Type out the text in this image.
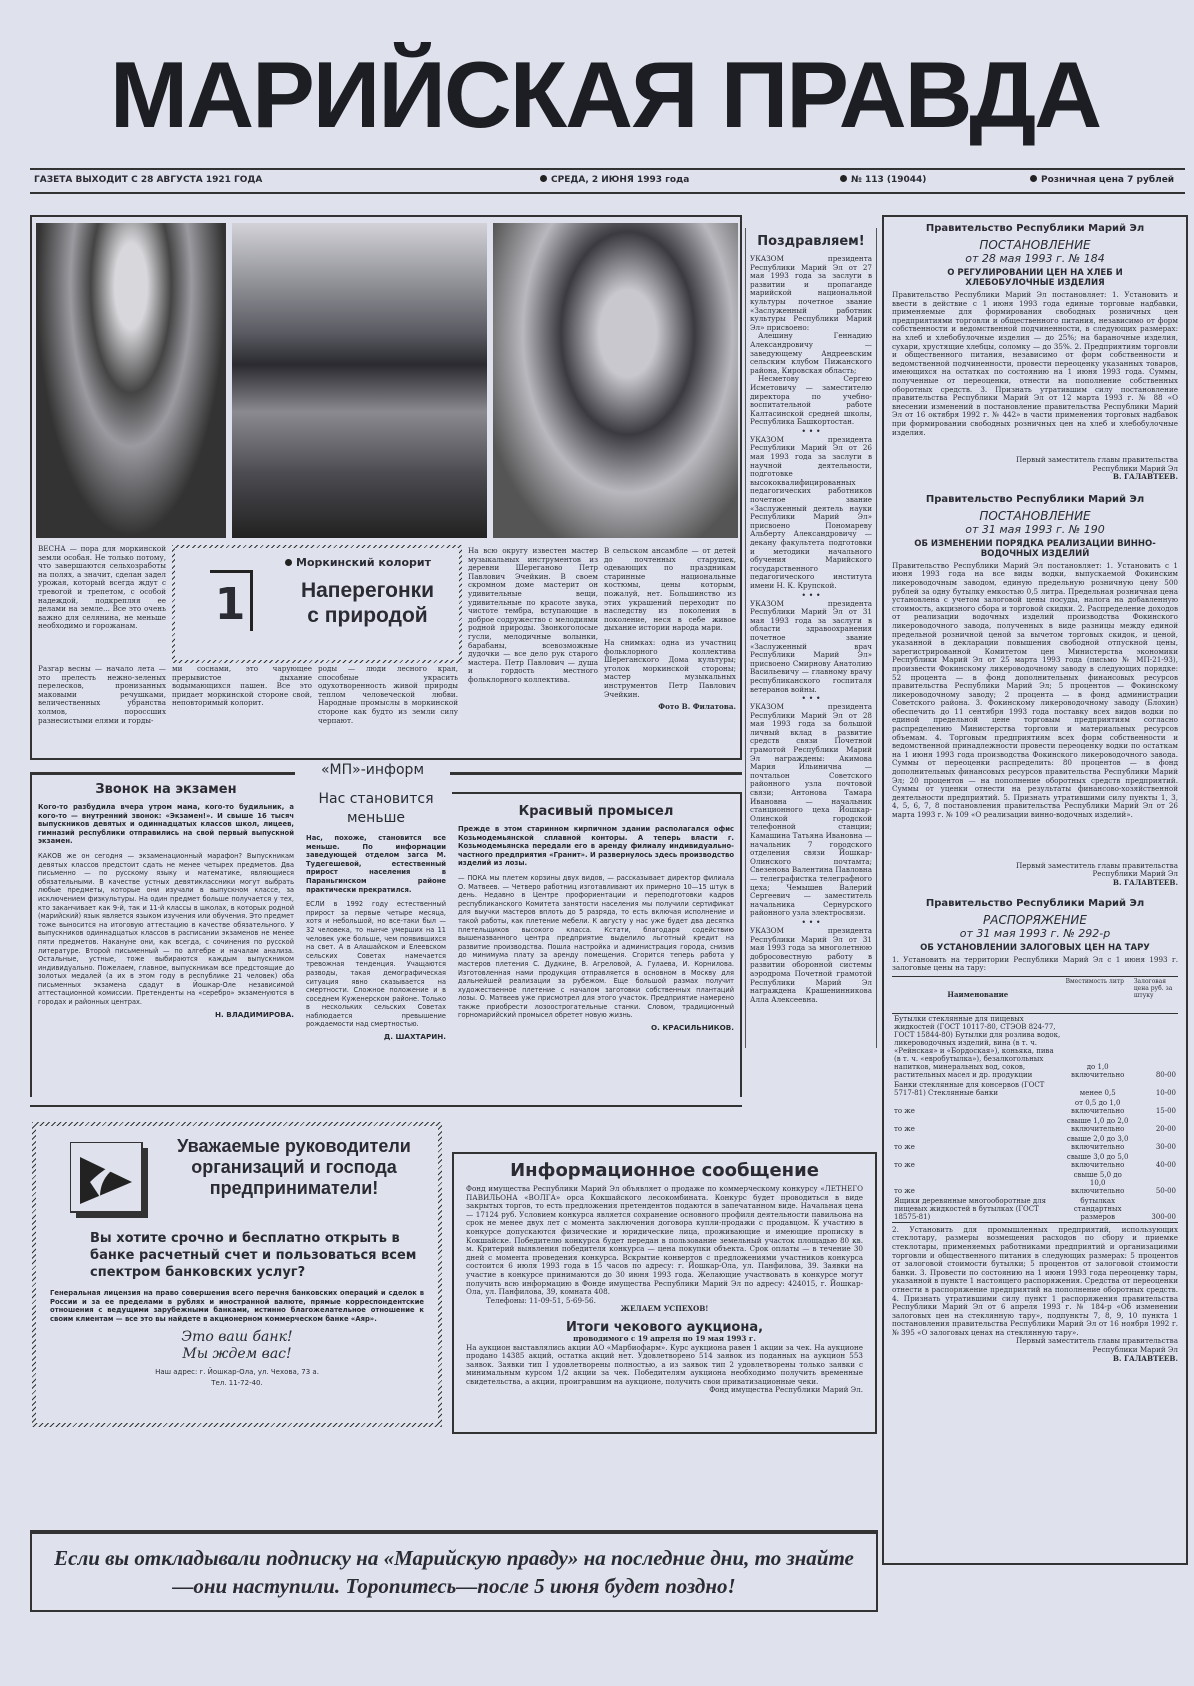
МАРИЙСКАЯ ПРАВДА
ГАЗЕТА ВЫХОДИТ С 28 АВГУСТА 1921 ГОДА	СРЕДА, 2 ИЮНЯ 1993 года	№ 113 (19044)	Розничная цена 7 рублей
ВЕСНА — пора для моркинской земли особая. Не только потому, что завершаются сельхозработы на полях, а значит, сделан задел урожая, который всегда ждут с тревогой и трепетом, с особой надеждой, подкрепляя ее делами на земле... Все это очень важно для селянина, не меньше необходимо и горожанам.	1
Моркинский колорит
Наперегонки
с природой
Разгар весны — начало лета — это прелесть нежно-зеленых перелесков, пронизанных маковыми речушками, величественных убранства холмов, пороссших разнесистыми елями и горды-
ми соснами, это чарующее прерывистое дыхание водымающихся пашен. Все это придает моркинской стороне свой, неповторимый колорит.
роды — люди лесного края, способные украсить одухотворенность живой природы теплом человеческой любви. Народные промыслы в моркинской стороне как будто из земли силу черпают.
На всю округу известен мастер музыкальных инструментов из деревни Шереганово Петр Павлович Эчейкин. В своем скромном доме мастерит он удивительные вещи, удивительные по красоте звука, чистоте тембра, вступающие в доброе содружество с мелодиями родной природы. Звонкоголосые гусли, мелодичные волынки, барабаны, всевозможные дудочки — все дело рук старого мастера. Петр Павлович — душа и гордость местного фольклорного коллектива.
В сельском ансамбле — от детей до почтенных старушек, одевающих по праздникам старинные национальные костюмы, цены которым, пожалуй, нет. Большинство из этих украшений переходит по наследству из поколения в поколение, неся в себе живое дыхание истории народа мари.
На снимках: одна из участниц фольклорного коллектива Шереганского Дома культуры; уголок моркинской стороны; мастер музыкальных инструментов Петр Павлович Эчейкин.
Фото В. Филатова.
Поздравляем!
УКАЗОМ президента Республики Марий Эл от 27 мая 1993 года за заслуги в развитии и пропаганде марийской национальной культуры почетное звание «Заслуженный работник культуры Республики Марий Эл» присвоено:
Алешину Геннадию Александровичу — заведующему Андреевским сельским клубом Пижанского района, Кировская область;
Несметову Сергею Исметовичу — заместителю директора по учебно-воспитательной работе Калтасинской средней школы, Республика Башкортостан.
• • •
УКАЗОМ президента Республики Марий Эл от 26 мая 1993 года за заслуги в научной деятельности, подготовке высококвалифицированных педагогических работников почетное звание «Заслуженный деятель науки Республики Марий Эл» присвоено Пономареву Альберту Александровичу — декану факультета подготовки и методики начального обучения Марийского государственного педагогического института имени Н. К. Крупской.
• • •
УКАЗОМ президента Республики Марий Эл от 31 мая 1993 года за заслуги в области здравоохранения почетное звание «Заслуженный врач Республики Марий Эл» присвоено Смирнову Анатолию Васильевичу — главному врачу республиканского госпиталя ветеранов войны.
• • •
УКАЗОМ президента Республики Марий Эл от 28 мая 1993 года за большой личный вклад в развитие средств связи Почетной грамотой Республики Марий Эл награждены: Акимова Мария Ильинична — почтальон Советского районного узла почтовой связи; Антонова Тамара Ивановна — начальник станционного цеха Йошкар-Олинской городской телефонной станции; Камашина Татьяна Ивановна — начальник 7 городского отделения связи Йошкар-Олинского почтамта; Свезенова Валентина Павловна — телеграфистка телеграфного цеха; Чемышев Валерий Сергеевич — заместитель начальника Сернурского районного узла электросвязи.
• • •
УКАЗОМ президента Республики Марий Эл от 31 мая 1993 года за многолетнюю добросовестную работу в развитии оборонной системы аэродрома Почетной грамотой Республики Марий Эл награждена Крашенинникова Алла Алексеевна.
Правительство Республики Марий Эл
ПОСТАНОВЛЕНИЕ
от 28 мая 1993 г. № 184
О РЕГУЛИРОВАНИИ ЦЕН НА ХЛЕБ И ХЛЕБОБУЛОЧНЫЕ ИЗДЕЛИЯ
Правительство Республики Марий Эл постановляет: 1. Установить и ввести в действие с 1 июня 1993 года единые торговые надбавки, применяемые для формирования свободных розничных цен предприятиями торговли и общественного питания, независимо от форм собственности и ведомственной подчиненности, в следующих размерах: на хлеб и хлебобулочные изделия — до 25%; на бараночные изделия, сухари, хрустящие хлебцы, соломку — до 35%. 2. Предприятиям торговли и общественного питания, независимо от форм собственности и ведомственной подчиненности, провести переоценку указанных товаров, имеющихся на остатках по состоянию на 1 июня 1993 года. Суммы, полученные от переоценки, отнести на пополнение собственных оборотных средств. 3. Признать утратившим силу постановление правительства Республики Марий Эл от 12 марта 1993 г. № 88 «О внесении изменений в постановление правительства Республики Марий Эл от 16 октября 1992 г. № 442» в части применения торговых надбавок при формировании свободных розничных цен на хлеб и хлебобулочные изделия.
Первый заместитель главы правительства Республики Марий Эл
В. ГАЛАВТЕЕВ.
Правительство Республики Марий Эл
ПОСТАНОВЛЕНИЕ
от 31 мая 1993 г. № 190
ОБ ИЗМЕНЕНИИ ПОРЯДКА РЕАЛИЗАЦИИ ВИННО-ВОДОЧНЫХ ИЗДЕЛИЙ
Правительство Республики Марий Эл постановляет: 1. Установить с 1 июня 1993 года на все виды водки, выпускаемой Фокинским ликероводочным заводом, единую предельную розничную цену 500 рублей за одну бутылку емкостью 0,5 литра. Предельная розничная цена установлена с учетом залоговой цены посуды, налога на добавленную стоимость, акцизного сбора и торговой скидки. 2. Распределение доходов от реализации водочных изделий производства Фокинского ликероводочного завода, полученных в виде разницы между единой предельной розничной ценой за вычетом торговых скидок, и ценой, указанной в декларации повышения свободной отпускной цены, зарегистрированной Комитетом цен Министерства экономики Республики Марий Эл от 25 марта 1993 года (письмо № МП-21-93), произвести Фокинскому ликероводочному заводу в следующих порядке: 52 процента — в фонд дополнительных финансовых ресурсов правительства Республики Марий Эл; 5 процентов — Фокинскому ликероводочному заводу; 2 процента — в фонд администрации Советского района. 3. Фокинскому ликероводочному заводу (Блохин) обеспечить до 11 сентября 1993 года поставку всех видов водки по единой предельной цене торговым предприятиям согласно распределению Министерства торговли и материальных ресурсов объемам. 4. Торговым предприятиям всех форм собственности и ведомственной принадлежности провести переоценку водки по остаткам на 1 июня 1993 года производства Фокинского ликероводочного завода. Суммы от переоценки распределить: 80 процентов — в фонд дополнительных финансовых ресурсов правительства Республики Марий Эл; 20 процентов — на пополнение оборотных средств предприятий. Суммы от уценки отнести на результаты финансово-хозяйственной деятельности предприятий. 5. Признать утратившими силу пункты 1, 3, 4, 5, 6, 7, 8 постановления правительства Республики Марий Эл от 26 марта 1993 г. № 109 «О реализации винно-водочных изделий».
Первый заместитель главы правительства Республики Марий Эл
В. ГАЛАВТЕЕВ.
Правительство Республики Марий Эл
РАСПОРЯЖЕНИЕ
от 31 мая 1993 г. № 292-р
ОБ УСТАНОВЛЕНИИ ЗАЛОГОВЫХ ЦЕН НА ТАРУ
1. Установить на территории Республики Марий Эл с 1 июня 1993 г. залоговые цены на тару:
Наименование	Вместимость литр	Залоговая цена руб. за штуку
Бутылки стеклянные для пищевых жидкостей (ГОСТ 10117-80, СТЭОВ 824-77, ГОСТ 15844-80) Бутылки для розлива водок, ликероводочных изделий, вина (в т. ч. «Рейнская» и «Бордоская»), коньяка, пива (в т. ч. «евробутылка»), безалкогольных напитков, минеральных вод, соков, растительных масел и др. продукции	до 1,0 включительно	80-00
Банки стеклянные для консервов (ГОСТ 5717-81) Стеклянные банки	менее 0,5	10-00
то же	от 0,5 до 1,0 включительно	15-00
то же	свыше 1,0 до 2,0 включительно	20-00
то же	свыше 2,0 до 3,0 включительно	30-00
то же	свыше 3,0 до 5,0 включительно	40-00
то же	свыше 5,0 до 10,0 включительно	50-00
Ящики деревянные многооборотные для пищевых жидкостей в бутылках (ГОСТ 18575-81)	бутылках стандартных размеров	300-00
2. Установить для промышленных предприятий, использующих стеклотару, размеры возмещения расходов по сбору и приемке стеклотары, применяемых работниками предприятий и организациями торговли и общественного питания в следующих размерах: 5 процентов от залоговой стоимости бутылки; 5 процентов от залоговой стоимости банки. 3. Провести по состоянию на 1 июня 1993 года переоценку тары, указанной в пункте 1 настоящего распоряжения. Средства от переоценки отнести в распоряжение предприятий на пополнение оборотных средств. 4. Признать утратившими силу пункт 1 распоряжения правительства Республики Марий Эл от 6 апреля 1993 г. № 184-р «Об изменении залоговых цен на стеклянную тару», подпункты 7, 8, 9, 10 пункта 1 постановления правительства Республики Марий Эл от 16 ноября 1992 г. № 395 «О залоговых ценах на стеклянную тару».
Первый заместитель главы правительства Республики Марий Эл
В. ГАЛАВТЕЕВ.
«МП»-информ
Звонок на экзамен
Кого-то разбудила вчера утром мама, кого-то будильник, а кого-то — внутренний звонок: «Экзамен!». И свыше 16 тысяч выпускников девятых и одиннадцатых классов школ, лицеев, гимназий республики отправились на свой первый выпускной экзамен.
КАКОВ же он сегодня — экзаменационный марафон? Выпускникам девятых классов предстоит сдать не менее четырех предметов. Два письменно — по русскому языку и математике, являющиеся обязательными. В качестве устных девятиклассники могут выбрать любые предметы, которые они изучали в выпускном классе, за исключением физкультуры. На один предмет больше получается у тех, кто заканчивает как 9-й, так и 11-й классы в школах, в которых родной (марийский) язык является языком изучения или обучения. Это предмет тоже выносится на итоговую аттестацию в качестве обязательного. У выпускников одиннадцатых классов в расписании экзаменов не менее пяти предметов. Накануне они, как всегда, с сочинения по русской литературе. Второй письменный — по алгебре и началам анализа. Остальные, устные, тоже выбираются каждым выпускником индивидуально. Пожелаем, главное, выпускникам все предстоящие до золотых медалей (а их в этом году в республике 21 человек) оба письменных экзамена сдадут в Йошкар-Оле независимой аттестационной комиссии. Претенденты на «серебро» экзаменуются в городах и районных центрах.
Н. ВЛАДИМИРОВА.
Нас становится меньше
Нас, похоже, становится все меньше. По информации заведующей отделом загса М. Тудегешевой, естественный прирост населения в Параньгинском районе практически прекратился.
ЕСЛИ в 1992 году естественный прирост за первые четыре месяца, хотя и небольшой, но все-таки был — 32 человека, то нынче умерших на 11 человек уже больше, чем появившихся на свет. А в Алашайском и Елеевском сельских Советах намечается тревожная тенденция. Учащаются разводы, такая демографическая ситуация явно сказывается на смертности. Сложное положение и в соседнем Куженерском районе. Только в нескольких сельских Советах наблюдается превышение рождаемости над смертностью.
Д. ШАХТАРИН.
Красивый промысел
Прежде в этом старинном кирпичном здании располагался офис Козьмодемьянской сплавной конторы. А теперь власти г. Козьмодемьянска передали его в аренду филиалу индивидуально-частного предприятия «Гранит». И развернулось здесь производство изделий из лозы.
— ПОКА мы плетем корзины двух видов, — рассказывает директор филиала О. Матвеев. — Четверо работниц изготавливают их примерно 10—15 штук в день. Недавно в Центре профориентации и переподготовки кадров республиканского Комитета занятости населения мы получили сертификат для выучки мастеров вплоть до 5 разряда, то есть включая исполнение и такой работы, как плетение мебели. К августу у нас уже будет два десятка плетельщиков высокого класса. Кстати, благодаря содействию вышеназванного центра предприятие выделило льготный кредит на развитие производства. Пошла настройка и администрация города, снизив до минимума плату за аренду помещения. Сгорится теперь работа у мастеров плетения С. Дудкине, В. Агреловой, А. Гулаева, И. Корнилова. Изготовленная нами продукция отправляется в основном в Москву для дальнейшей реализации за рубежом. Еще большой размах получит художественное плетение с началом заготовки собственных плантаций лозы. О. Матвеев уже присмотрел для этого участок. Предприятие намерено также приобрести лозоострогательные станки. Словом, традиционный горномарийский промысел обретет новую жизнь.
О. КРАСИЛЬНИКОВ.
Уважаемые руководители организаций и господа предприниматели!
Вы хотите срочно и бесплатно открыть в банке расчетный счет и пользоваться всем спектром банковских услуг?
Генеральная лицензия на право совершения всего перечня банковских операций и сделок в России и за ее пределами в рублях и иностранной валюте, прямые корреспондентские отношения с ведущими зарубежными банками, истинно благожелательное отношение к своим клиентам — все это вы найдете в акционерном коммерческом банке «Аяр».
Это ваш банк!
Мы ждем вас!
Наш адрес: г. Йошкар-Ола, ул. Чехова, 73 а.
Тел. 11-72-40.
Информационное сообщение
Фонд имущества Республики Марий Эл объявляет о продаже по коммерческому конкурсу «ЛЕТНЕГО ПАВИЛЬОНА «ВОЛГА» орса Кокшайского лесокомбината. Конкурс будет проводиться в виде закрытых торгов, то есть предложения претендентов подаются в запечатанном виде. Начальная цена — 17124 руб. Условием конкурса является сохранение основного профиля деятельности павильона на срок не менее двух лет с момента заключения договора купли-продажи с продавцом. К участию в конкурсе допускаются физические и юридические лица, проживающие и имеющие прописку в Кокшайске. Победителю конкурса будет передан в пользование земельный участок площадью 80 кв. м. Критерий выявления победителя конкурса — цена покупки объекта. Срок оплаты — в течение 30 дней с момента проведения конкурса. Вскрытие конвертов с предложениями участников конкурса состоится 6 июля 1993 года в 15 часов по адресу: г. Йошкар-Ола, ул. Панфилова, 39. Заявки на участие в конкурсе принимаются до 30 июня 1993 года. Желающие участвовать в конкурсе могут получить всю информацию в Фонде имущества Республики Марий Эл по адресу: 424015, г. Йошкар-Ола, ул. Панфилова, 39, комната 408.
Телефоны: 11-09-51, 5-69-56.
ЖЕЛАЕМ УСПЕХОВ!
Итоги чекового аукциона,
проводимого с 19 апреля по 19 мая 1993 г.
На аукцион выставлялись акции АО «Марбиофарм». Курс аукциона равен 1 акции за чек. На аукционе продано 14385 акций, остатка акций нет. Удовлетворено 514 заявок из поданных на аукцион 553 заявок. Заявки тип I удовлетворены полностью, а из заявок тип 2 удовлетворены только заявки с минимальным курсом 1/2 акции за чек. Победителям аукциона необходимо получить временные свидетельства, а акции, проигравшим на аукционе, получить свои приватизационные чеки.
Фонд имущества Республики Марий Эл.
Если вы откладывали подписку на «Марийскую правду» на последние дни, то знайте—они наступили. Торопитесь—после 5 июня будет поздно!
